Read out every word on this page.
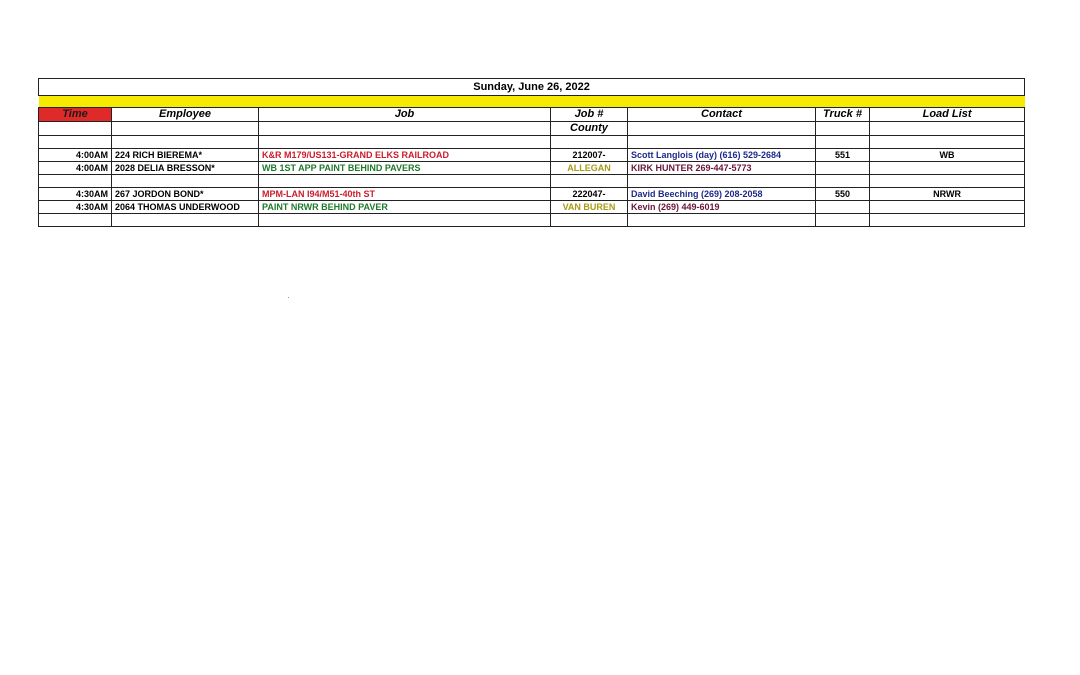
Sunday, June 26, 2022						

Time	Employee	Job	Job #	Contact	Truck #	Load List
			County			

4:00AM	224 RICH BIEREMA*	K&R M179/US131-GRAND ELKS RAILROAD	212007-	Scott Langlois (day) (616) 529-2684	551	WB
4:00AM	2028 DELIA BRESSON*	WB 1ST APP PAINT BEHIND PAVERS	ALLEGAN	KIRK HUNTER 269-447-5773		

4:30AM	267 JORDON BOND*	MPM-LAN I94/M51-40th ST	222047-	David Beeching (269) 208-2058	550	NRWR
4:30AM	2064 THOMAS UNDERWOOD	PAINT NRWR BEHIND PAVER	VAN BUREN	Kevin (269) 449-6019		
